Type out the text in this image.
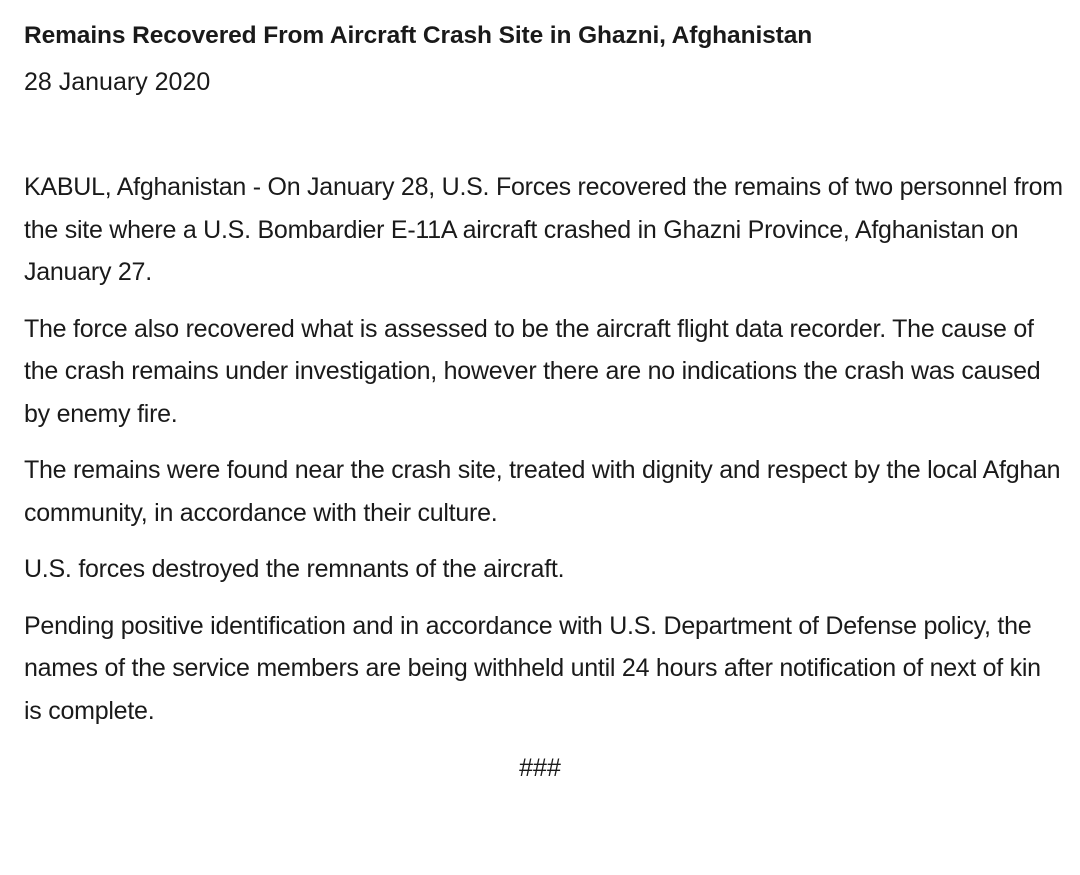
Remains Recovered From Aircraft Crash Site in Ghazni, Afghanistan

28 January 2020

KABUL, Afghanistan - On January 28, U.S. Forces recovered the remains of two personnel from the site where a U.S. Bombardier E-11A aircraft crashed in Ghazni Province, Afghanistan on January 27.

The force also recovered what is assessed to be the aircraft flight data recorder. The cause of the crash remains under investigation, however there are no indications the crash was caused by enemy fire.

The remains were found near the crash site, treated with dignity and respect by the local Afghan community, in accordance with their culture.

U.S. forces destroyed the remnants of the aircraft.

Pending positive identification and in accordance with U.S. Department of Defense policy, the names of the service members are being withheld until 24 hours after notification of next of kin is complete.

###
